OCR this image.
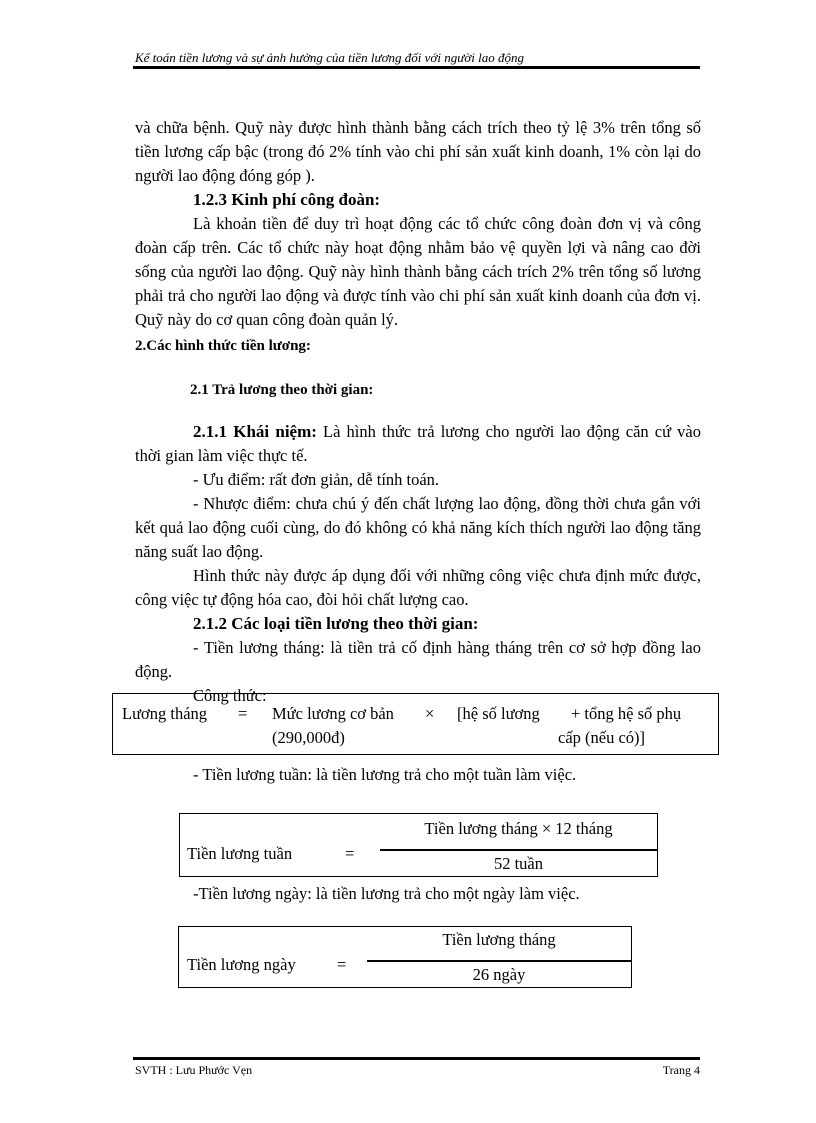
Kế toán tiền lương và sự ảnh hưởng của tiền lương đối với người lao động

và chữa bệnh. Quỹ này được hình thành bằng cách trích theo tỷ lệ 3% trên tổng số tiền lương cấp bậc (trong đó 2% tính vào chi phí sản xuất kinh doanh, 1% còn lại do người lao động đóng góp ).

1.2.3 Kinh phí công đoàn:

Là khoản tiền để duy trì hoạt động các tổ chức công đoàn đơn vị và công đoàn cấp trên. Các tổ chức này hoạt động nhằm bảo vệ quyền lợi và nâng cao đời sống của người lao động. Quỹ này hình thành bằng cách trích 2% trên tổng số lương phải trả cho người lao động và được tính vào chi phí sản xuất kinh doanh của đơn vị. Quỹ này do cơ quan công đoàn quản lý.

2.Các hình thức tiền lương:

2.1 Trả lương theo thời gian:

2.1.1 Khái niệm: Là hình thức trả lương cho người lao động căn cứ vào thời gian làm việc thực tế.

- Ưu điểm: rất đơn giản, dễ tính toán.

- Nhược điểm: chưa chú ý đến chất lượng lao động, đồng thời chưa gắn với kết quả lao động cuối cùng, do đó không có khả năng kích thích người lao động tăng năng suất lao động.

Hình thức này được áp dụng đối với những công việc chưa định mức được, công việc tự động hóa cao, đòi hỏi chất lượng cao.

2.1.2 Các loại tiền lương theo thời gian:

- Tiền lương tháng: là tiền trả cố định hàng tháng trên cơ sở hợp đồng lao động.

Công thức:

Lương tháng = Mức lương cơ bản
(290,000đ)
× [hệ số lương + tổng hệ số phụ
cấp (nếu có)]

- Tiền lương tuần: là tiền lương trả cho một tuần làm việc.

Tiền lương tuần	=
Tiền lương tháng × 12 tháng
52 tuần

-Tiền lương ngày: là tiền lương trả cho một ngày làm việc.

Tiền lương ngày	=
Tiền lương tháng
26 ngày
SVTH : Lưu Phước Vẹn	Trang 4
